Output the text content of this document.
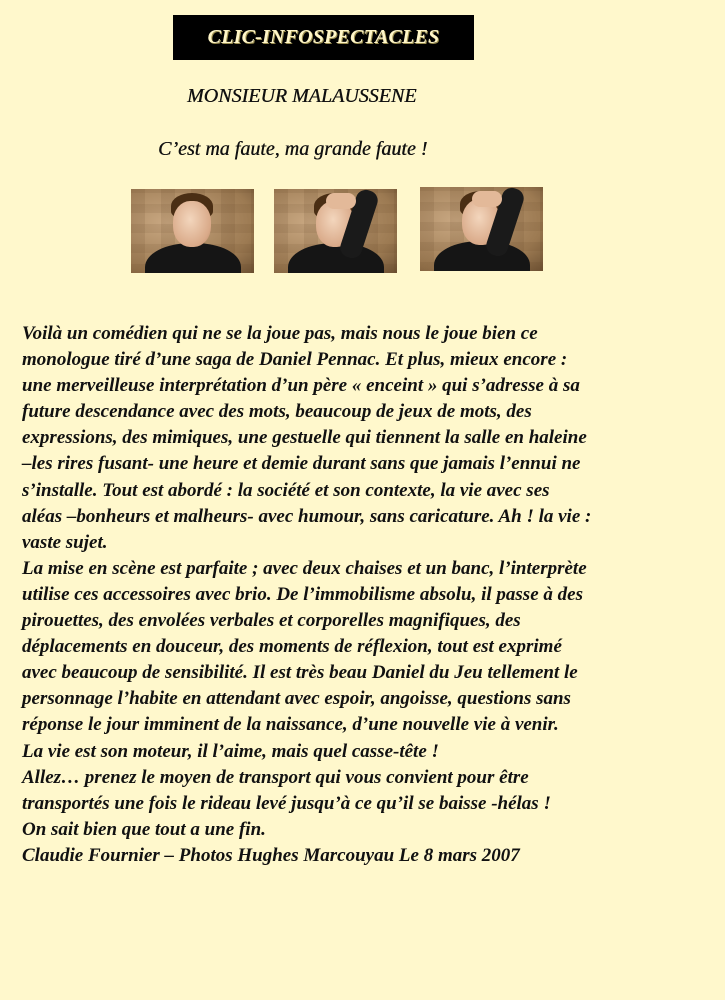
CLIC-INFOSPECTACLES
MONSIEUR MALAUSSENE
C’est ma faute, ma grande faute !

Voilà un comédien qui ne se la joue pas, mais nous le joue bien ce

monologue tiré d’une saga de Daniel Pennac. Et plus, mieux encore :

une merveilleuse interprétation d’un père « enceint » qui s’adresse à sa

future descendance avec des mots, beaucoup de jeux de mots, des

expressions, des mimiques, une gestuelle qui tiennent la salle en haleine

–les rires fusant- une heure et demie durant sans que jamais l’ennui ne

s’installe. Tout est abordé : la société et son contexte, la vie avec ses

aléas –bonheurs et malheurs- avec humour, sans caricature. Ah ! la vie :

vaste sujet.

La mise en scène est parfaite ; avec deux chaises et un banc, l’interprète

utilise ces accessoires avec brio. De l’immobilisme absolu, il passe à des

pirouettes, des envolées verbales et corporelles magnifiques, des

déplacements en douceur, des moments de réflexion, tout est exprimé

avec beaucoup de sensibilité. Il est très beau Daniel du Jeu tellement le

personnage l’habite en attendant avec espoir, angoisse, questions sans

réponse le jour imminent de la naissance, d’une nouvelle vie à venir.

La vie est son moteur, il l’aime, mais quel casse-tête !

Allez… prenez le moyen de transport qui vous convient pour être

transportés une fois le rideau levé jusqu’à ce qu’il se baisse -hélas !

On sait bien que tout a une fin.

Claudie Fournier – Photos Hughes Marcouyau Le 8 mars 2007
